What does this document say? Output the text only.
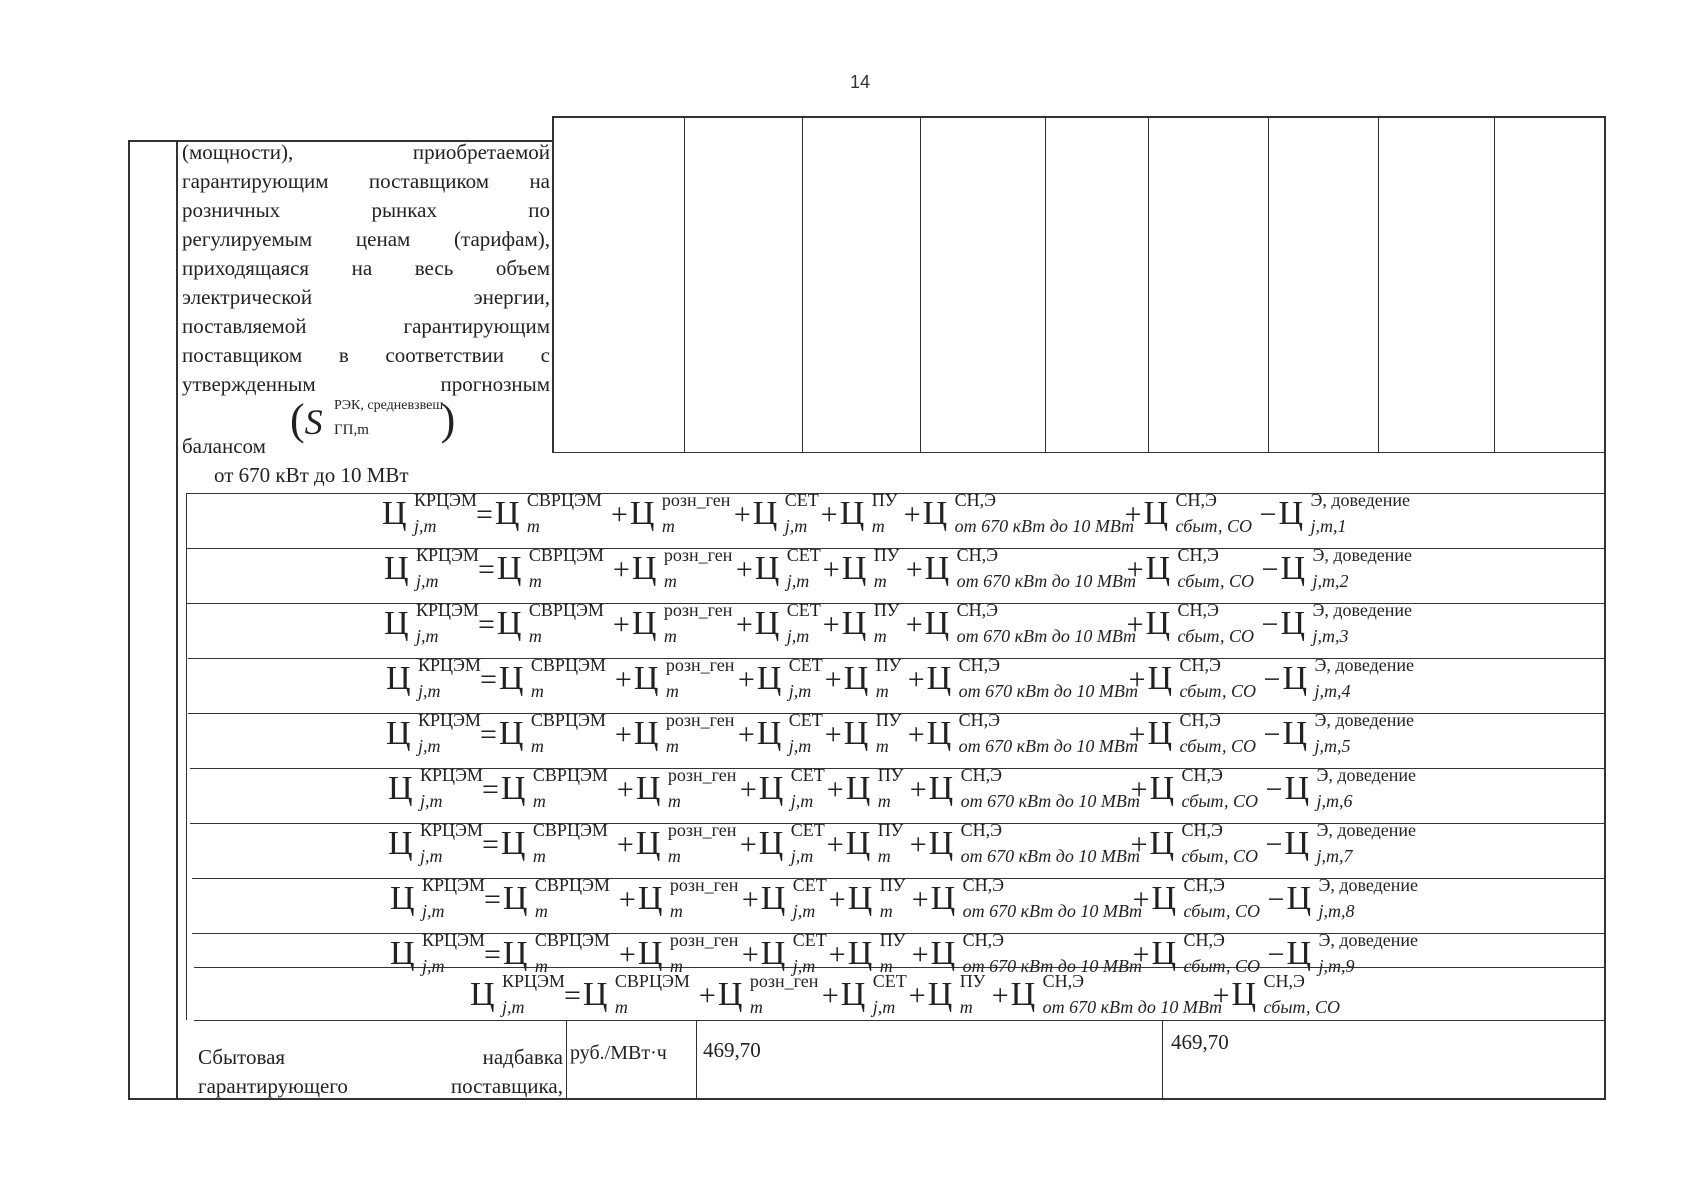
14
(мощности), приобретаемой
гарантирующим поставщиком на
розничных рынках по
регулируемым ценам (тарифам),
приходящаяся на весь объем
электрической энергии,
поставляемой гарантирующим
поставщиком в соответствии с
утвержденным прогнозным
балансом
(S РЭК, средневзвеш
ГП,m )
от 670 кВт до 10 МВт
Ц КРЦЭМ
j,m =Ц СВРЦЭМ
m +Ц розн_ген
m +Ц СЕТ
j,m +Ц ПУ
m +Ц СН,Э
от 670 кВт до 10 МВт
+Ц СН,Э
сбыт, СО −Ц Э, доведение
j,m,1
Ц КРЦЭМ
j,m =Ц СВРЦЭМ
m +Ц розн_ген
m +Ц СЕТ
j,m +Ц ПУ
m +Ц СН,Э
от 670 кВт до 10 МВт
+Ц СН,Э
сбыт, СО −Ц Э, доведение
j,m,2
Ц КРЦЭМ
j,m =Ц СВРЦЭМ
m +Ц розн_ген
m +Ц СЕТ
j,m +Ц ПУ
m +Ц СН,Э
от 670 кВт до 10 МВт
+Ц СН,Э
сбыт, СО −Ц Э, доведение
j,m,3
Ц КРЦЭМ
j,m =Ц СВРЦЭМ
m +Ц розн_ген
m +Ц СЕТ
j,m +Ц ПУ
m +Ц СН,Э
от 670 кВт до 10 МВт
+Ц СН,Э
сбыт, СО −Ц Э, доведение
j,m,4
Ц КРЦЭМ
j,m =Ц СВРЦЭМ
m +Ц розн_ген
m +Ц СЕТ
j,m +Ц ПУ
m +Ц СН,Э
от 670 кВт до 10 МВт
+Ц СН,Э
сбыт, СО −Ц Э, доведение
j,m,5
Ц КРЦЭМ
j,m =Ц СВРЦЭМ
m +Ц розн_ген
m +Ц СЕТ
j,m +Ц ПУ
m +Ц СН,Э
от 670 кВт до 10 МВт
+Ц СН,Э
сбыт, СО −Ц Э, доведение
j,m,6
Ц КРЦЭМ
j,m =Ц СВРЦЭМ
m +Ц розн_ген
m +Ц СЕТ
j,m +Ц ПУ
m +Ц СН,Э
от 670 кВт до 10 МВт
+Ц СН,Э
сбыт, СО −Ц Э, доведение
j,m,7
Ц КРЦЭМ
j,m =Ц СВРЦЭМ
m +Ц розн_ген
m +Ц СЕТ
j,m +Ц ПУ
m +Ц СН,Э
от 670 кВт до 10 МВт
+Ц СН,Э
сбыт, СО −Ц Э, доведение
j,m,8
Ц КРЦЭМ
j,m =Ц СВРЦЭМ
m +Ц розн_ген
m +Ц СЕТ
j,m +Ц ПУ
m +Ц СН,Э
от 670 кВт до 10 МВт
+Ц СН,Э
сбыт, СО −Ц Э, доведение
j,m,9
Ц КРЦЭМ
j,m =Ц СВРЦЭМ
m +Ц розн_ген
m +Ц СЕТ
j,m +Ц ПУ
m +Ц СН,Э
от 670 кВт до 10 МВт
+Ц СН,Э
сбыт, СО
Сбытовая надбавка
гарантирующего поставщика,
руб./МВт·ч 469,70	469,70
